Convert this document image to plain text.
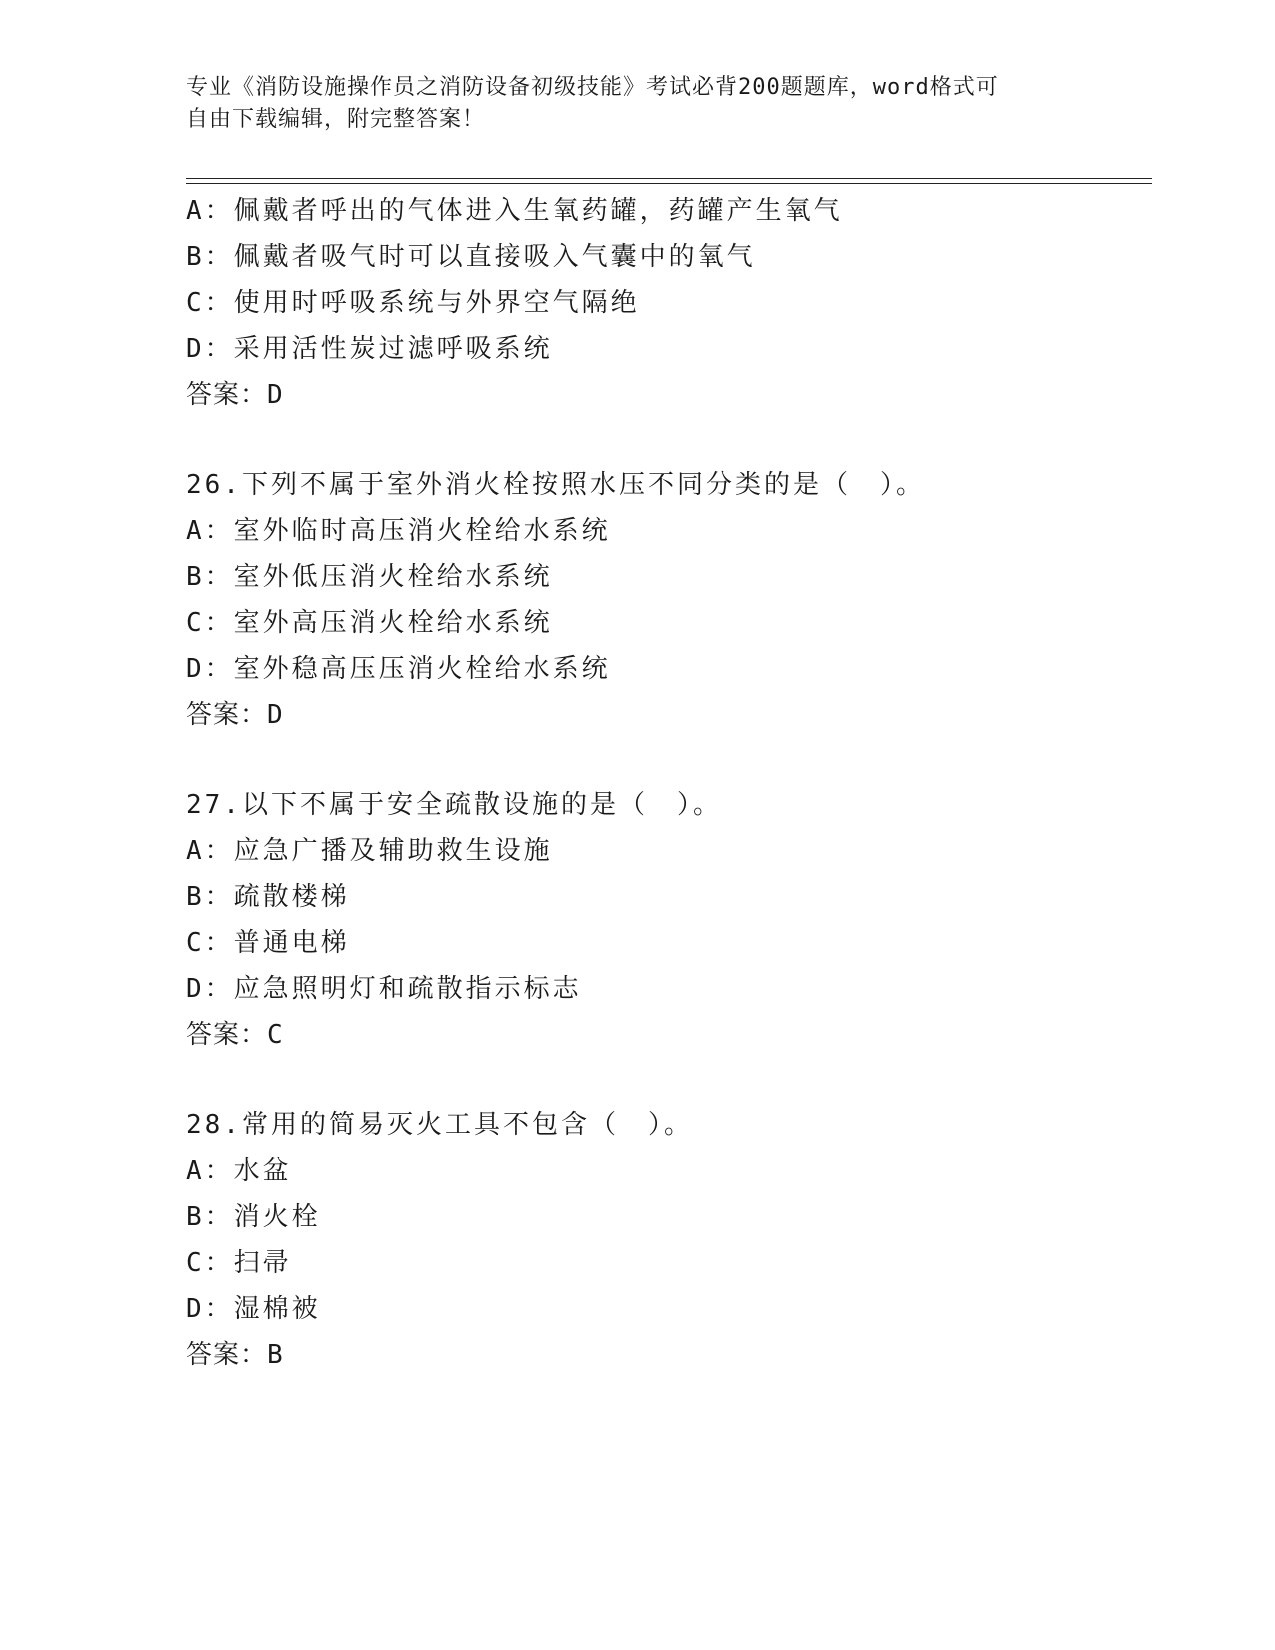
专业《消防设施操作员之消防设备初级技能》考试必背200题题库，word格式可
自由下载编辑，附完整答案！
A：佩戴者呼出的气体进入生氧药罐，药罐产生氧气
B：佩戴者吸气时可以直接吸入气囊中的氧气
C：使用时呼吸系统与外界空气隔绝
D：采用活性炭过滤呼吸系统
答案：D
26.下列不属于室外消火栓按照水压不同分类的是（　）。
A：室外临时高压消火栓给水系统
B：室外低压消火栓给水系统
C：室外高压消火栓给水系统
D：室外稳高压压消火栓给水系统
答案：D
27.以下不属于安全疏散设施的是（　）。
A：应急广播及辅助救生设施
B：疏散楼梯
C：普通电梯
D：应急照明灯和疏散指示标志
答案：C
28.常用的简易灭火工具不包含（　）。
A：水盆
B：消火栓
C：扫帚
D：湿棉被
答案：B
